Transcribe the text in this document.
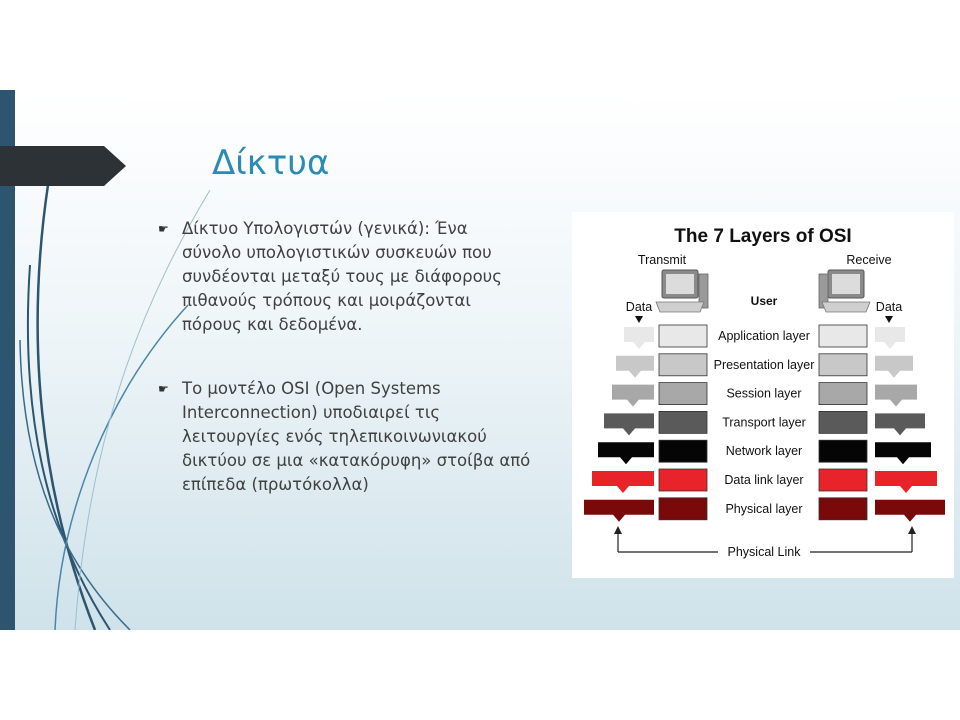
Δίκτυα
☛ Δίκτυο Υπολογιστών (γενικά): Ένα
σύνολο υπολογιστικών συσκευών που
συνδέονται μεταξύ τους με διάφορους
πιθανούς τρόπους και μοιράζονται
πόρους και δεδομένα.
☛ Το μοντέλο OSI (Open Systems
Interconnection) υποδιαιρεί τις
λειτουργίες ενός τηλεπικοινωνιακού
δικτύου σε μια «κατακόρυφη» στοίβα από
επίπεδα (πρωτόκολλα)
The 7 Layers of OSI
Transmit	Receive
User
Data	Data
Application layer
Presentation layer
Session layer
Transport layer
Network layer
Data link layer
Physical layer
Physical Link
